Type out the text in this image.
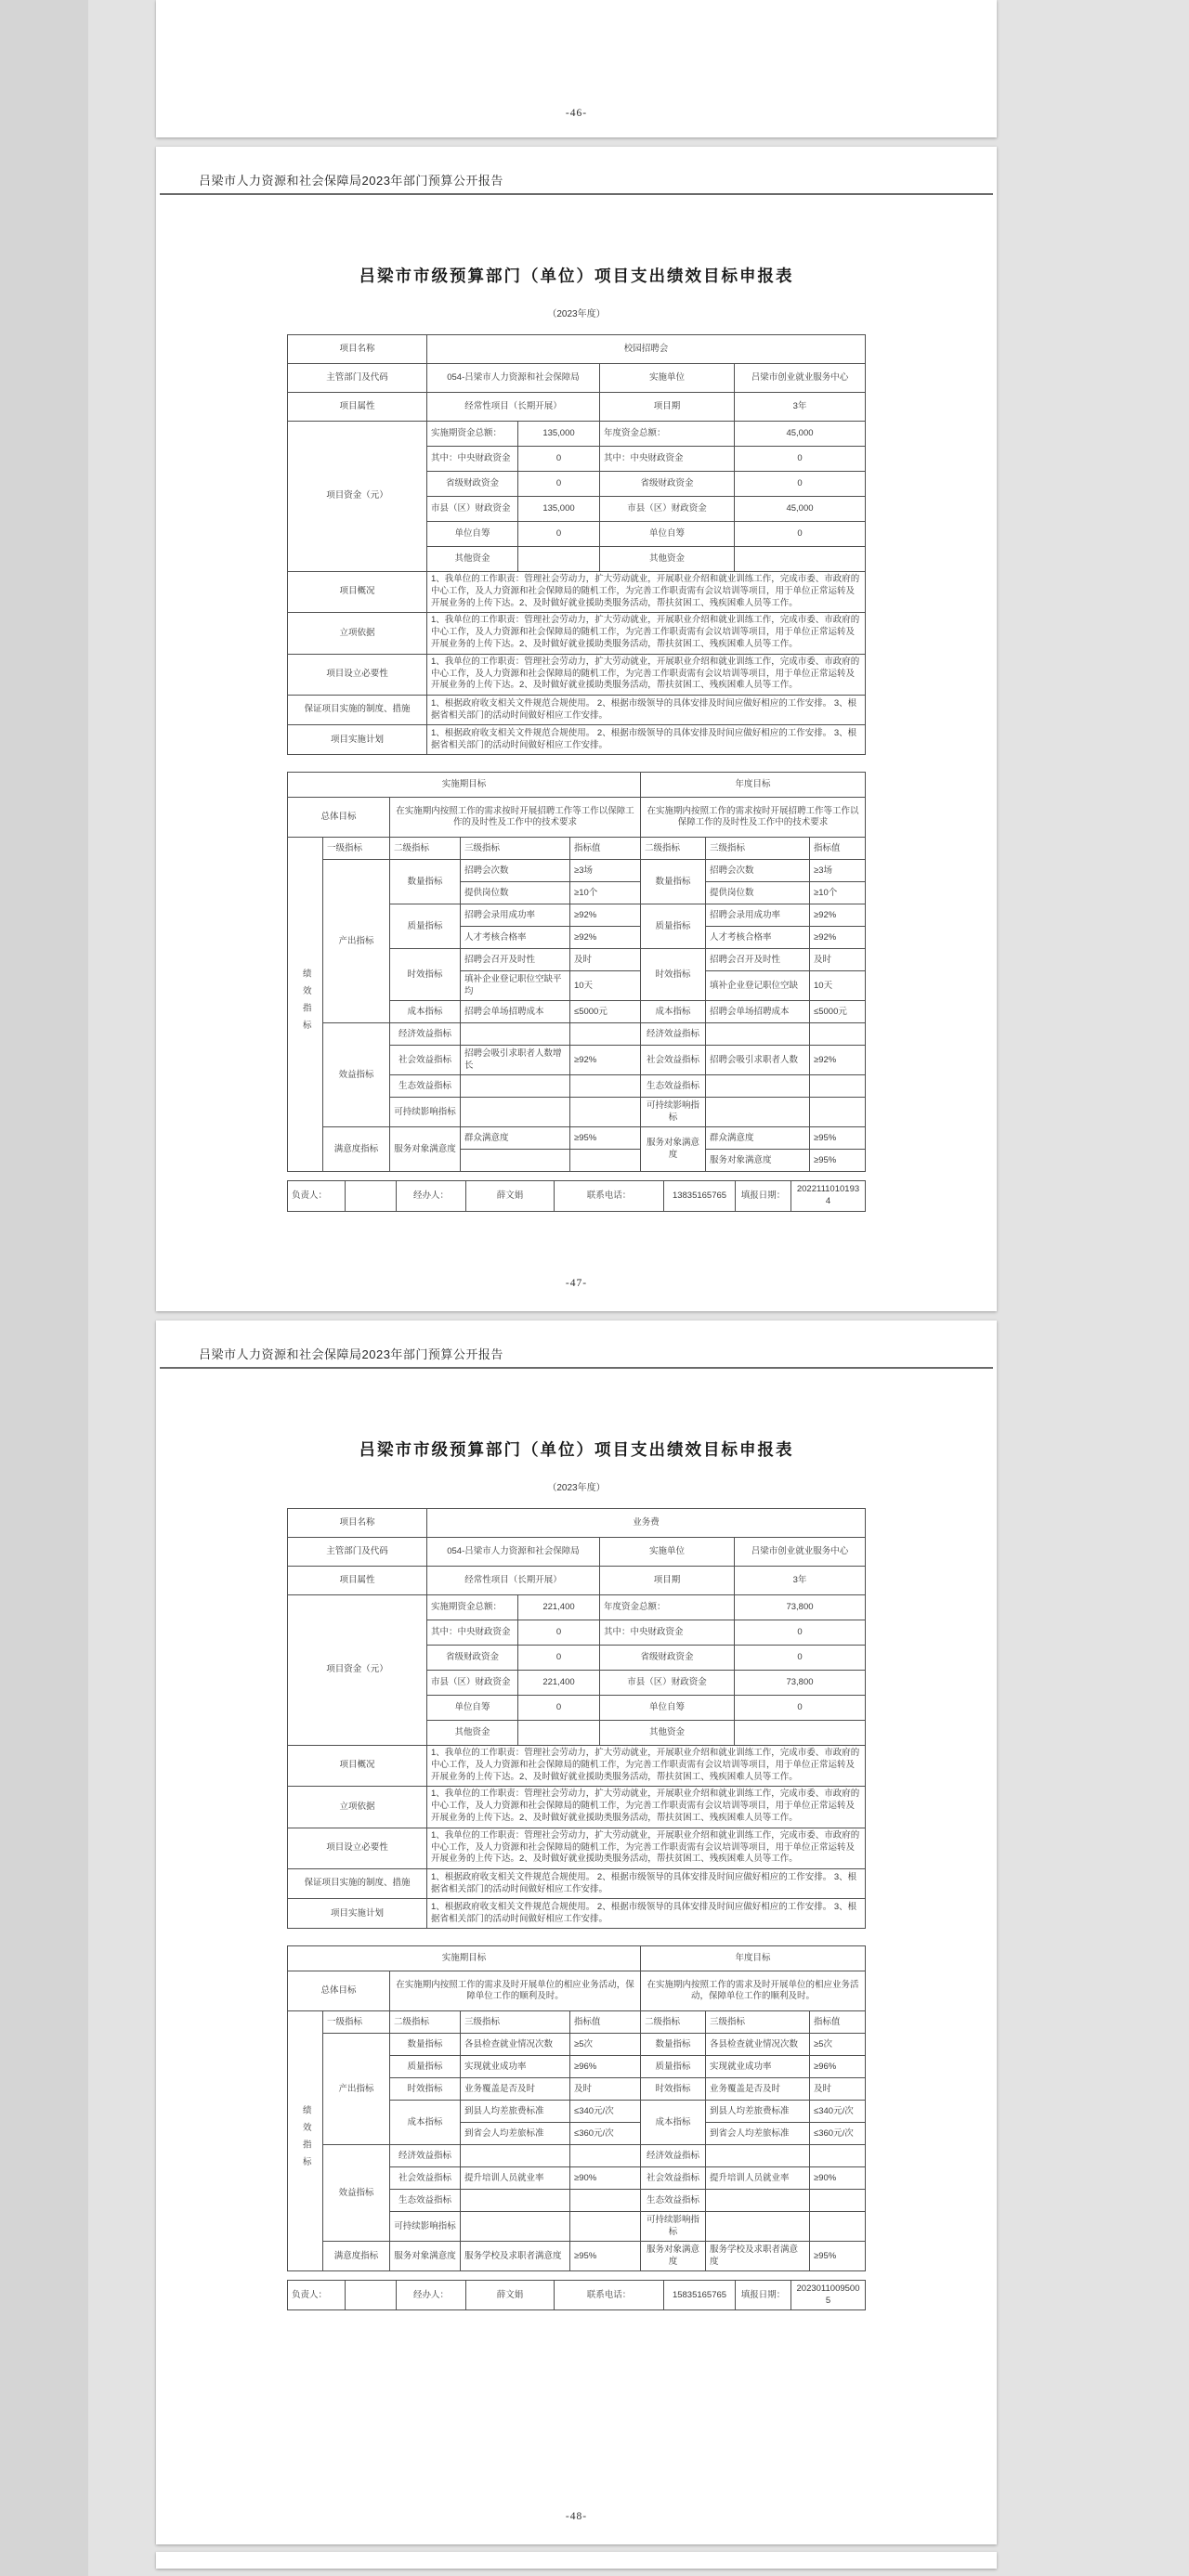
-46-
吕梁市人力资源和社会保障局2023年部门预算公开报告
吕梁市市级预算部门（单位）项目支出绩效目标申报表
（2023年度）
项目名称	校园招聘会			
主管部门及代码	054-吕梁市人力资源和社会保障局		实施单位	吕梁市创业就业服务中心
项目属性	经常性项目（长期开展）		项目期	3年
项目资金（元）	实施期资金总额：	135,000	年度资金总额：	45,000
	其中：中央财政资金	0	其中：中央财政资金	0
	省级财政资金	0	省级财政资金	0
	市县（区）财政资金	135,000	市县（区）财政资金	45,000
	单位自筹	0	单位自筹	0
	其他资金		其他资金	
项目概况	1、我单位的工作职责：管理社会劳动力，扩大劳动就业，开展职业介绍和就业训练工作，完成市委、市政府的中心工作，及人力资源和社会保障局的随机工作，为完善工作职责需有会议培训等项目，用于单位正常运转及开展业务的上传下达。2、及时做好就业援助类服务活动，帮扶贫困工、残疾困难人员等工作。			

立项依据	1、我单位的工作职责：管理社会劳动力，扩大劳动就业，开展职业介绍和就业训练工作，完成市委、市政府的中心工作，及人力资源和社会保障局的随机工作，为完善工作职责需有会议培训等项目，用于单位正常运转及开展业务的上传下达。2、及时做好就业援助类服务活动，帮扶贫困工、残疾困难人员等工作。			

项目设立必要性	1、我单位的工作职责：管理社会劳动力，扩大劳动就业，开展职业介绍和就业训练工作，完成市委、市政府的中心工作，及人力资源和社会保障局的随机工作，为完善工作职责需有会议培训等项目，用于单位正常运转及开展业务的上传下达。2、及时做好就业援助类服务活动，帮扶贫困工、残疾困难人员等工作。			

保证项目实施的制度、措施	1、根据政府收支相关文件规范合规使用。 2、根据市级领导的具体安排及时间应做好相应的工作安排。 3、根据省相关部门的活动时间做好相应工作安排。			
项目实施计划	1、根据政府收支相关文件规范合规使用。 2、根据市级领导的具体安排及时间应做好相应的工作安排。 3、根据省相关部门的活动时间做好相应工作安排。			
实施期目标					年度目标		
总体目标		在实施期内按照工作的需求按时开展招聘工作等工作以保障工作的及时性及工作中的技术要求			在实施期内按照工作的需求按时开展招聘工作等工作以保障工作的及时性及工作中的技术要求		
绩效指标	一级指标	二级指标	三级指标	指标值	二级指标	三级指标	指标值
	产出指标	数量指标	招聘会次数	≥3场	数量指标	招聘会次数	≥3场
			提供岗位数	≥10个		提供岗位数	≥10个
		质量指标	招聘会录用成功率	≥92%	质量指标	招聘会录用成功率	≥92%
			人才考核合格率	≥92%		人才考核合格率	≥92%
		时效指标	招聘会召开及时性	及时	时效指标	招聘会召开及时性	及时
			填补企业登记职位空缺平均	10天		填补企业登记职位空缺	10天
		成本指标	招聘会单场招聘成本	≤5000元	成本指标	招聘会单场招聘成本	≤5000元
	效益指标	经济效益指标			经济效益指标		
		社会效益指标	招聘会吸引求职者人数增长	≥92%	社会效益指标	招聘会吸引求职者人数	≥92%
		生态效益指标			生态效益指标		
		可持续影响指标			可持续影响指标		
	满意度指标	服务对象满意度	群众满意度	≥95%	服务对象满意度	群众满意度	≥95%
						服务对象满意度	≥95%
负责人：		经办人：	薛文娟	联系电话：	13835165765	填报日期：	20221110101934
-47-
吕梁市人力资源和社会保障局2023年部门预算公开报告
吕梁市市级预算部门（单位）项目支出绩效目标申报表
（2023年度）
项目名称	业务费			
主管部门及代码	054-吕梁市人力资源和社会保障局		实施单位	吕梁市创业就业服务中心
项目属性	经常性项目（长期开展）		项目期	3年
项目资金（元）	实施期资金总额：	221,400	年度资金总额：	73,800
	其中：中央财政资金	0	其中：中央财政资金	0
	省级财政资金	0	省级财政资金	0
	市县（区）财政资金	221,400	市县（区）财政资金	73,800
	单位自筹	0	单位自筹	0
	其他资金		其他资金	
项目概况	1、我单位的工作职责：管理社会劳动力，扩大劳动就业，开展职业介绍和就业训练工作，完成市委、市政府的中心工作，及人力资源和社会保障局的随机工作，为完善工作职责需有会议培训等项目，用于单位正常运转及开展业务的上传下达。2、及时做好就业援助类服务活动，帮扶贫困工、残疾困难人员等工作。			

立项依据	1、我单位的工作职责：管理社会劳动力，扩大劳动就业，开展职业介绍和就业训练工作，完成市委、市政府的中心工作，及人力资源和社会保障局的随机工作，为完善工作职责需有会议培训等项目，用于单位正常运转及开展业务的上传下达。2、及时做好就业援助类服务活动，帮扶贫困工、残疾困难人员等工作。			

项目设立必要性	1、我单位的工作职责：管理社会劳动力，扩大劳动就业，开展职业介绍和就业训练工作，完成市委、市政府的中心工作，及人力资源和社会保障局的随机工作，为完善工作职责需有会议培训等项目，用于单位正常运转及开展业务的上传下达。2、及时做好就业援助类服务活动，帮扶贫困工、残疾困难人员等工作。			

保证项目实施的制度、措施	1、根据政府收支相关文件规范合规使用。 2、根据市级领导的具体安排及时间应做好相应的工作安排。 3、根据省相关部门的活动时间做好相应工作安排。			
项目实施计划	1、根据政府收支相关文件规范合规使用。 2、根据市级领导的具体安排及时间应做好相应的工作安排。 3、根据省相关部门的活动时间做好相应工作安排。			
实施期目标					年度目标		
总体目标		在实施期内按照工作的需求及时开展单位的相应业务活动，保障单位工作的顺利及时。			在实施期内按照工作的需求及时开展单位的相应业务活动，保障单位工作的顺利及时。		
绩效指标	一级指标	二级指标	三级指标	指标值	二级指标	三级指标	指标值
	产出指标	数量指标	各县检查就业情况次数	≥5次	数量指标	各县检查就业情况次数	≥5次
		质量指标	实现就业成功率	≥96%	质量指标	实现就业成功率	≥96%
		时效指标	业务覆盖是否及时	及时	时效指标	业务覆盖是否及时	及时
		成本指标	到县人均差旅费标准	≤340元/次	成本指标	到县人均差旅费标准	≤340元/次
			到省会人均差旅标准	≤360元/次		到省会人均差旅标准	≤360元/次
	效益指标	经济效益指标			经济效益指标		
		社会效益指标	提升培训人员就业率	≥90%	社会效益指标	提升培训人员就业率	≥90%
		生态效益指标			生态效益指标		
		可持续影响指标			可持续影响指标		
	满意度指标	服务对象满意度	服务学校及求职者满意度	≥95%	服务对象满意度	服务学校及求职者满意度	≥95%
负责人：		经办人：	薛文娟	联系电话：	15835165765	填报日期：	20230110095005
-48-
